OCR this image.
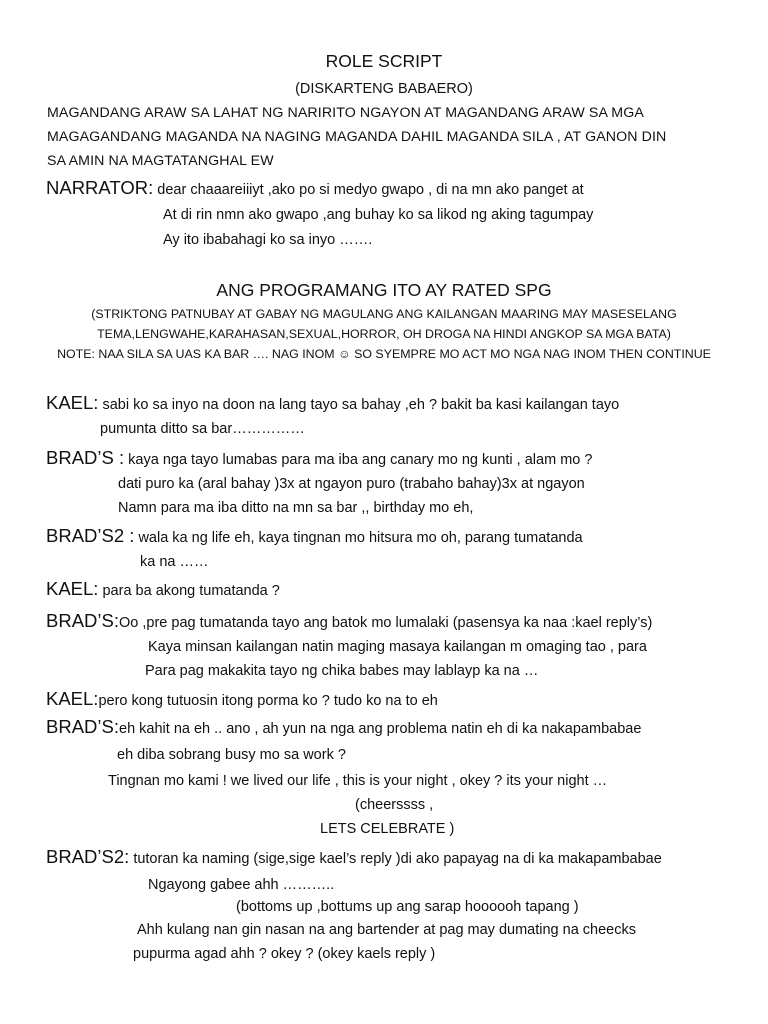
ROLE SCRIPT
(DISKARTENG BABAERO)
MAGANDANG ARAW SA LAHAT NG NARIRITO NGAYON AT MAGANDANG ARAW SA MGA
MAGAGANDANG MAGANDA NA NAGING MAGANDA DAHIL MAGANDA SILA , AT GANON DIN
SA AMIN NA MAGTATANGHAL EW
NARRATOR: dear chaaareiiiyt ,ako po si medyo gwapo , di na mn ako panget at
At di rin nmn ako gwapo ,ang buhay ko sa likod ng aking tagumpay
Ay ito ibabahagi ko sa inyo …….
ANG PROGRAMANG ITO AY RATED SPG
(STRIKTONG PATNUBAY AT GABAY NG MAGULANG ANG KAILANGAN MAARING MAY MASESELANG
TEMA,LENGWAHE,KARAHASAN,SEXUAL,HORROR, OH DROGA NA HINDI ANGKOP SA MGA BATA)
NOTE: NAA SILA SA UAS KA BAR …. NAG INOM ☺ SO SYEMPRE MO ACT MO NGA NAG INOM THEN CONTINUE
KAEL: sabi ko sa inyo na doon na lang tayo sa bahay ,eh ? bakit ba kasi kailangan tayo
pumunta ditto sa bar……………
BRAD’S : kaya nga tayo lumabas para ma iba ang canary mo ng kunti , alam mo ?
dati puro ka (aral bahay )3x at ngayon puro (trabaho bahay)3x at ngayon
Namn para ma iba ditto na mn sa bar ,, birthday mo eh,
BRAD’S2 : wala ka ng life eh, kaya tingnan mo hitsura mo oh, parang tumatanda
ka na ……
KAEL: para ba akong tumatanda ?
BRAD’S:Oo ,pre pag tumatanda tayo ang batok mo lumalaki (pasensya ka naa :kael reply’s)
Kaya minsan kailangan natin maging masaya kailangan m omaging tao , para
Para pag makakita tayo ng chika babes may lablayp ka na …
KAEL:pero kong tutuosin itong porma ko ? tudo ko na to eh
BRAD’S:eh kahit na eh .. ano , ah yun na nga ang problema natin eh di ka nakapambabae
eh diba sobrang busy mo sa work ?
Tingnan mo kami ! we lived our life , this is your night , okey ? its your night …
(cheerssss ,
LETS CELEBRATE )
BRAD’S2: tutoran ka naming (sige,sige kael’s reply )di ako papayag na di ka makapambabae
Ngayong gabee ahh ………..
(bottoms up ,bottums up ang sarap hoooooh tapang )
Ahh kulang nan gin nasan na ang bartender at pag may dumating na cheecks
pupurma agad ahh ? okey ? (okey kaels reply )
